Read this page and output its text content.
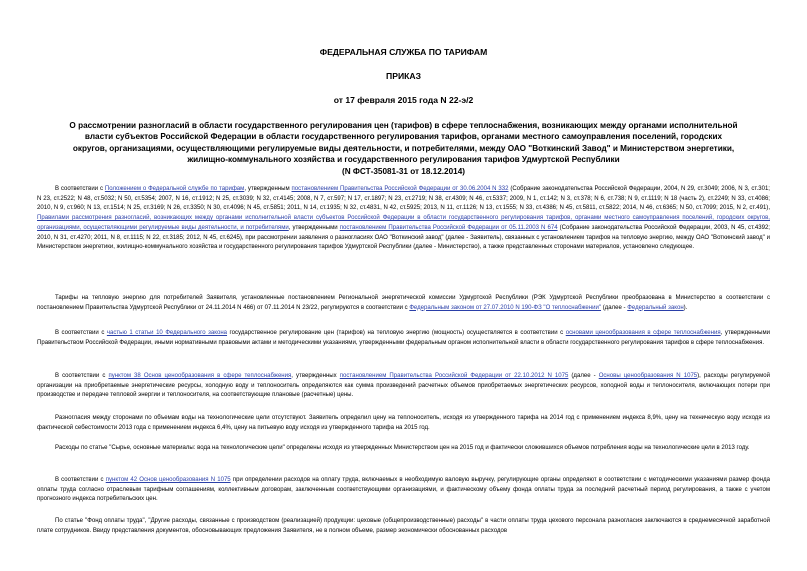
ФЕДЕРАЛЬНАЯ СЛУЖБА ПО ТАРИФАМ
ПРИКАЗ
от 17 февраля 2015 года N 22-э/2
О рассмотрении разногласий в области государственного регулирования цен (тарифов) в сфере теплоснабжения, возникающих между органами исполнительной
власти субъектов Российской Федерации в области государственного регулирования тарифов, органами местного самоуправления поселений, городских
округов, организациями, осуществляющими регулируемые виды деятельности, и потребителями, между ОАО "Воткинский Завод" и Министерством энергетики,
жилищно-коммунального хозяйства и государственного регулирования тарифов Удмуртской Республики
(N ФСТ-35081-31 от 18.12.2014)
В соответствии с Положением о Федеральной службе по тарифам, утвержденным постановлением Правительства Российской Федерации от 30.06.2004 N 332 (Собрание законодательства Российской Федерации, 2004, N 29, ст.3049; 2006, N 3, ст.301; N 23, ст.2522; N 48, ст.5032; N 50, ст.5354; 2007, N 16, ст.1912; N 25, ст.3039; N 32, ст.4145; 2008, N 7, ст.597; N 17, ст.1897; N 23, ст.2719; N 38, ст.4309; N 46, ст.5337; 2009, N 1, ст.142; N 3, ст.378; N 6, ст.738; N 9, ст.1119; N 18 (часть 2), ст.2249; N 33, ст.4086; 2010, N 9, ст.960; N 13, ст.1514; N 25, ст.3169; N 26, ст.3350; N 30, ст.4096; N 45, ст.5851; 2011, N 14, ст.1935; N 32, ст.4831, N 42, ст.5925; 2013, N 11, ст.1126; N 13, ст.1555; N 33, ст.4386; N 45, ст.5811, ст.5822; 2014, N 46, ст.6365; N 50, ст.7099; 2015, N 2, ст.491), Правилами рассмотрения разногласий, возникающих между органами исполнительной власти субъектов Российской Федерации в области государственного регулирования тарифов, органами местного самоуправления поселений, городских округов, организациями, осуществляющими регулируемые виды деятельности, и потребителями, утвержденными постановлением Правительства Российской Федерации от 05.11.2003 N 674 (Собрание законодательства Российской Федерации, 2003, N 45, ст.4392; 2010, N 31, ст.4270; 2011, N 8, ст.1115; N 22, ст.3185; 2012, N 45, ст.6245), при рассмотрении заявления о разногласиях ОАО "Воткинский завод" (далее - Заявитель), связанных с установлением тарифов на тепловую энергию, между ОАО "Воткинский завод" и Министерством энергетики, жилищно-коммунального хозяйства и государственного регулирования тарифов Удмуртской Республики (далее - Министерство), а также представленных сторонами материалов, установлено следующее.
Тарифы на тепловую энергию для потребителей Заявителя, установленные постановлением Региональной энергетической комиссии Удмуртской Республики (РЭК Удмуртской Республики преобразована в Министерство в соответствии с постановлением Правительства Удмуртской Республики от 24.11.2014 N 466) от 07.11.2014 N 23/22, регулируются в соответствии с Федеральным законом от 27.07.2010 N 190-ФЗ "О теплоснабжении" (далее - Федеральный закон).
В соответствии с частью 1 статьи 10 Федерального закона государственное регулирование цен (тарифов) на тепловую энергию (мощность) осуществляется в соответствии с основами ценообразования в сфере теплоснабжения, утвержденными Правительством Российской Федерации, иными нормативными правовыми актами и методическими указаниями, утвержденными федеральным органом исполнительной власти в области государственного регулирования тарифов в сфере теплоснабжения.
В соответствии с пунктом 38 Основ ценообразования в сфере теплоснабжения, утвержденных постановлением Правительства Российской Федерации от 22.10.2012 N 1075 (далее - Основы ценообразования N 1075), расходы регулируемой организации на приобретаемые энергетические ресурсы, холодную воду и теплоноситель определяются как сумма произведений расчетных объемов приобретаемых энергетических ресурсов, холодной воды и теплоносителя, включающих потери при производстве и передаче тепловой энергии и теплоносителя, на соответствующие плановые (расчетные) цены.
Разногласия между сторонами по объемам воды на технологические цели отсутствуют. Заявитель определил цену на теплоноситель, исходя из утвержденного тарифа на 2014 год с применением индекса 8,9%, цену на техническую воду исходя из фактической себестоимости 2013 года с применением индекса 6,4%, цену на питьевую воду исходя из утвержденного тарифа на 2015 год.
Расходы по статье "Сырье, основные материалы: вода на технологические цели" определены исходя из утвержденных Министерством цен на 2015 год и фактически сложившихся объемов потребления воды на технологические цели в 2013 году.
В соответствии с пунктом 42 Основ ценообразования N 1075 при определении расходов на оплату труда, включаемых в необходимую валовую выручку, регулирующие органы определяют в соответствии с методическими указаниями размер фонда оплаты труда согласно отраслевым тарифным соглашениям, коллективным договорам, заключенным соответствующими организациями, и фактическому объему фонда оплаты труда за последний расчетный период регулирования, а также с учетом прогнозного индекса потребительских цен.
По статье "Фонд оплаты труда", "Другие расходы, связанные с производством (реализацией) продукции: цеховые (общепроизводственные) расходы" в части оплаты труда цехового персонала разногласия заключаются в среднемесячной заработной плате сотрудников. Ввиду представления документов, обосновывающих предложения Заявителя, не в полном объеме, размер экономически обоснованных расходов
